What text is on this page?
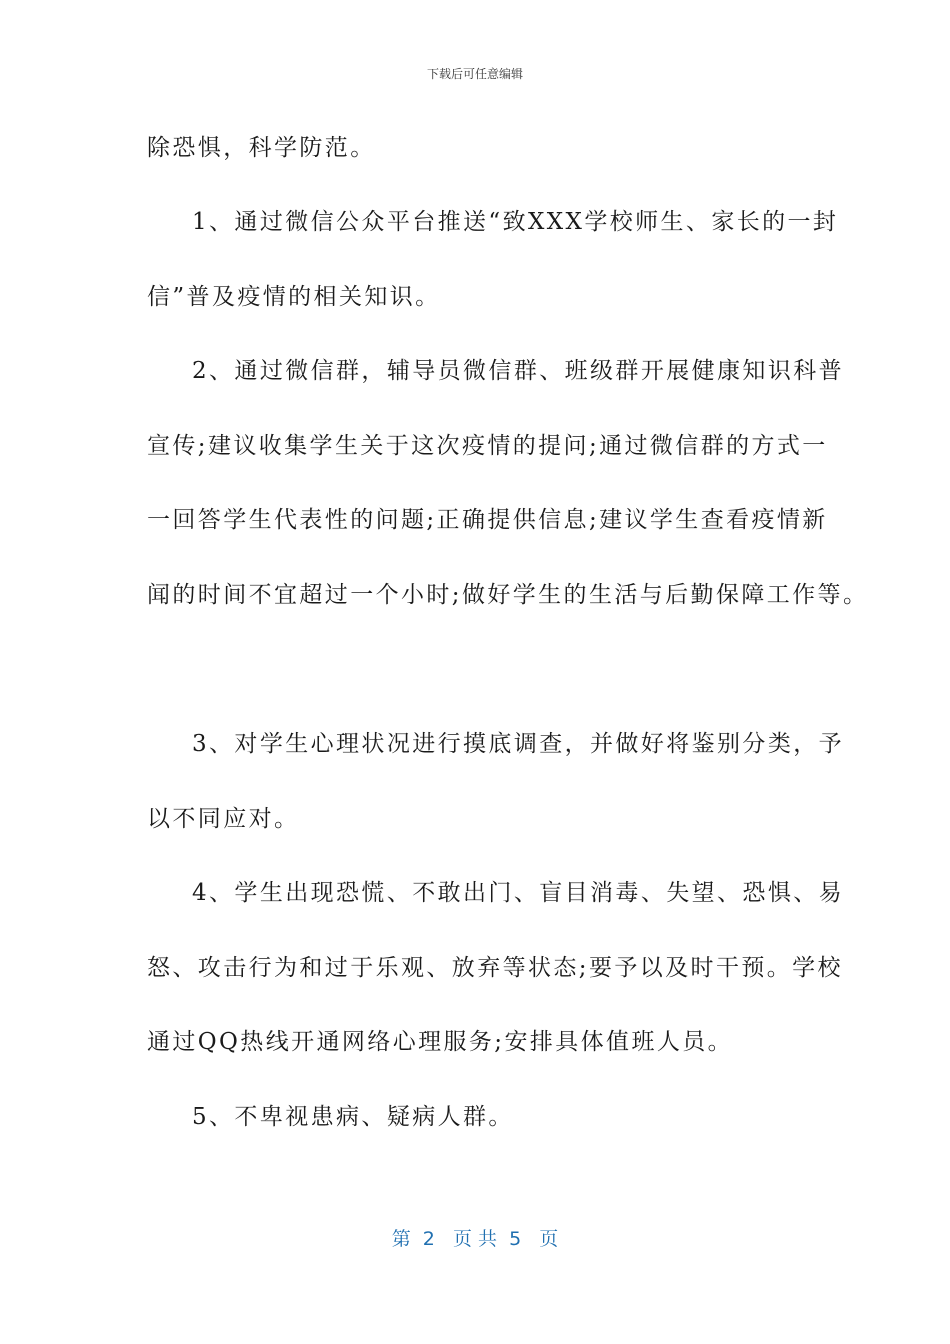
下载后可任意编辑
除恐惧，科学防范。
1、通过微信公众平台推送“致XXX学校师生、家长的一封
信”普及疫情的相关知识。
2、通过微信群，辅导员微信群、班级群开展健康知识科普
宣传;建议收集学生关于这次疫情的提问;通过微信群的方式一
一回答学生代表性的问题;正确提供信息;建议学生查看疫情新
闻的时间不宜超过一个小时;做好学生的生活与后勤保障工作等。
3、对学生心理状况进行摸底调查，并做好将鉴别分类，予
以不同应对。
4、学生出现恐慌、不敢出门、盲目消毒、失望、恐惧、易
怒、攻击行为和过于乐观、放弃等状态;要予以及时干预。学校
通过QQ热线开通网络心理服务;安排具体值班人员。
5、不卑视患病、疑病人群。
第  2   页 共  5   页
